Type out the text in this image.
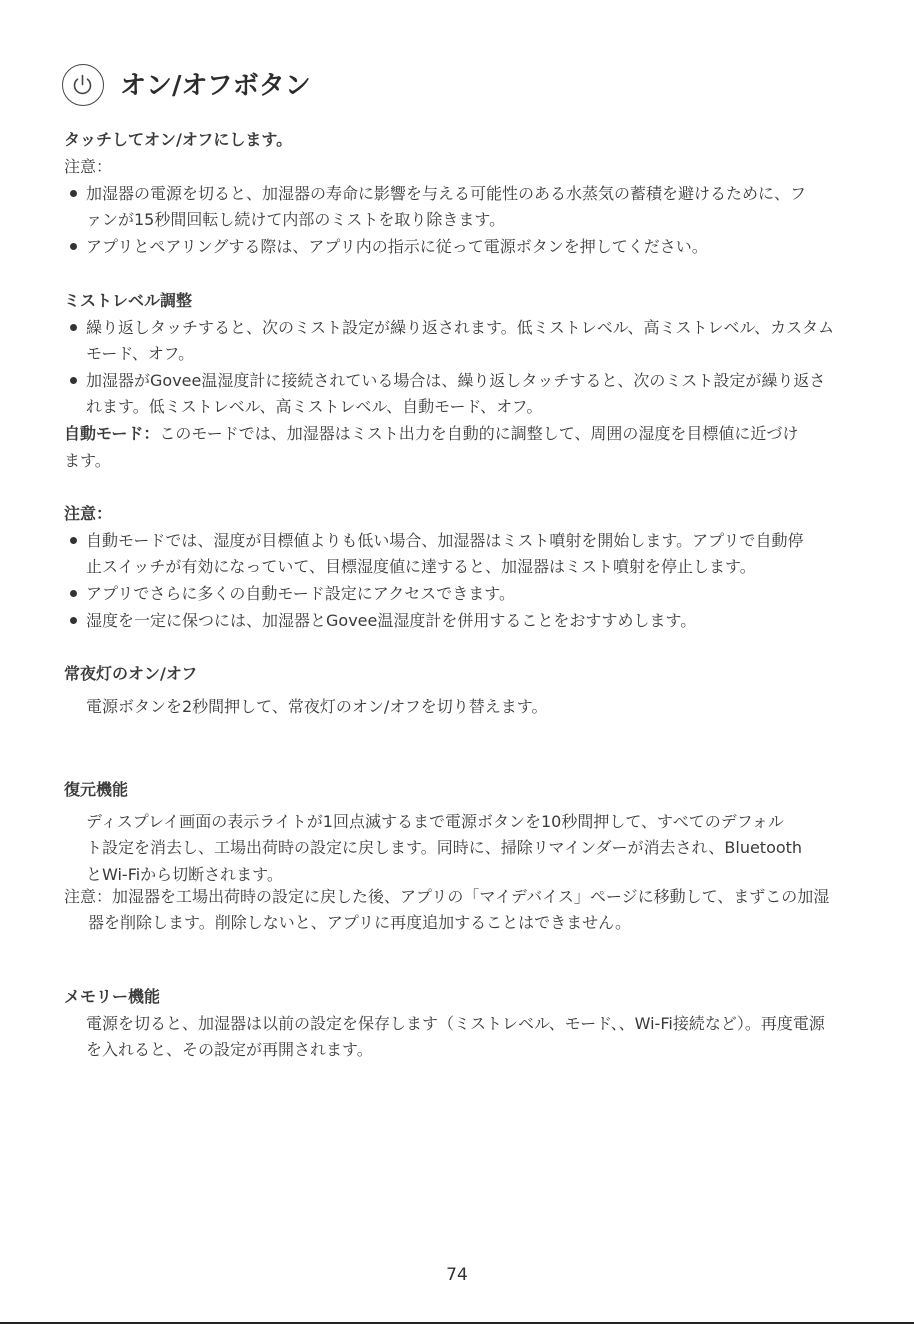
オン/オフボタン
タッチしてオン/オフにします。
注意：
加湿器の電源を切ると、加湿器の寿命に影響を与える可能性のある水蒸気の蓄積を避けるために、フ
ァンが15秒間回転し続けて内部のミストを取り除きます。
アプリとペアリングする際は、アプリ内の指示に従って電源ボタンを押してください。
ミストレベル調整
繰り返しタッチすると、次のミスト設定が繰り返されます。低ミストレベル、高ミストレベル、カスタム
モード、オフ。
加湿器がGovee温湿度計に接続されている場合は、繰り返しタッチすると、次のミスト設定が繰り返さ
れます。低ミストレベル、高ミストレベル、自動モード、オフ。
自動モード：このモードでは、加湿器はミスト出力を自動的に調整して、周囲の湿度を目標値に近づけ
ます。
注意：
自動モードでは、湿度が目標値よりも低い場合、加湿器はミスト噴射を開始します。アプリで自動停
止スイッチが有効になっていて、目標湿度値に達すると、加湿器はミスト噴射を停止します。
アプリでさらに多くの自動モード設定にアクセスできます。
湿度を一定に保つには、加湿器とGovee温湿度計を併用することをおすすめします。
常夜灯のオン/オフ
電源ボタンを2秒間押して、常夜灯のオン/オフを切り替えます。
復元機能
ディスプレイ画面の表示ライトが1回点滅するまで電源ボタンを10秒間押して、すべてのデフォル
ト設定を消去し、工場出荷時の設定に戻します。同時に、掃除リマインダーが消去され、Bluetooth
とWi-Fiから切断されます。
注意：加湿器を工場出荷時の設定に戻した後、アプリの「マイデバイス」ページに移動して、まずこの加湿
器を削除します。削除しないと、アプリに再度追加することはできません。
メモリー機能
電源を切ると、加湿器は以前の設定を保存します（ミストレベル、モード、、Wi-Fi接続など）。再度電源
を入れると、その設定が再開されます。
74
